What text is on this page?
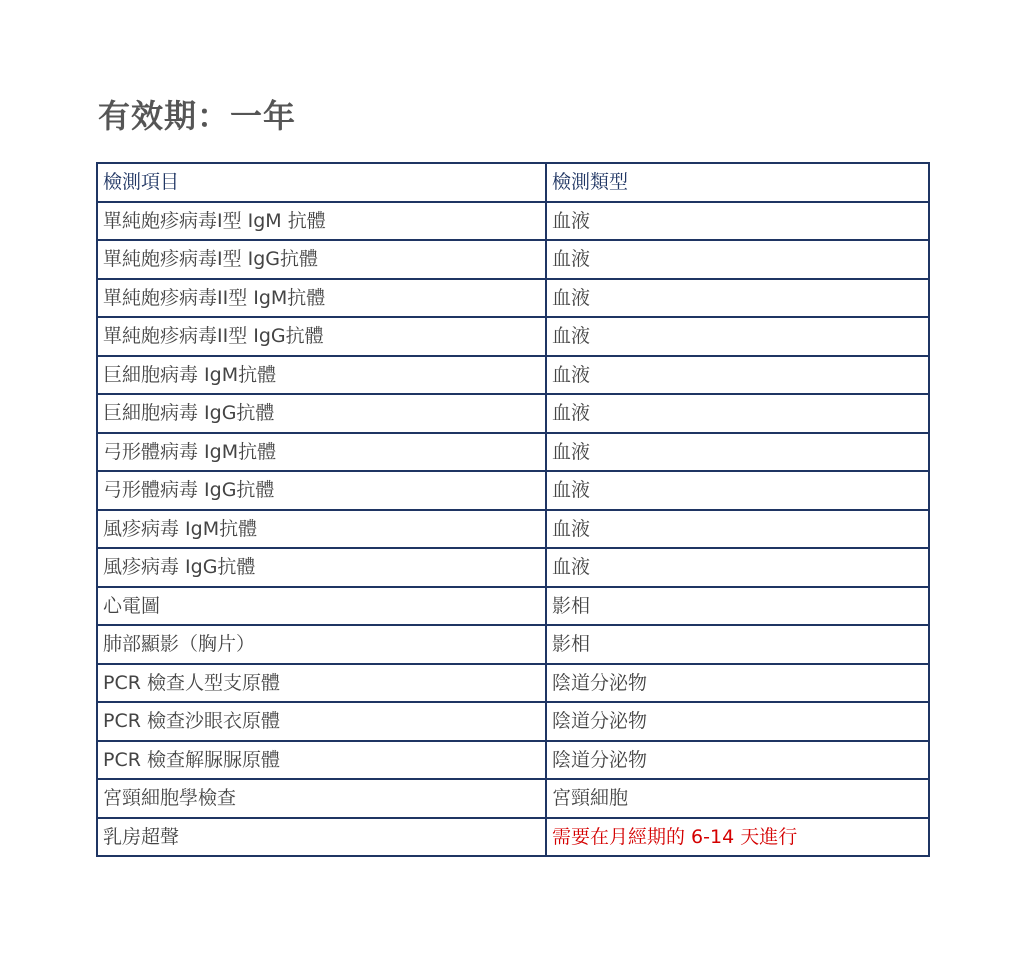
有效期：一年
檢測項目	檢測類型
單純皰疹病毒I型 IgM 抗體	血液
單純皰疹病毒I型 IgG抗體	血液
單純皰疹病毒II型 IgM抗體	血液
單純皰疹病毒II型 IgG抗體	血液
巨細胞病毒 IgM抗體	血液
巨細胞病毒 IgG抗體	血液
弓形體病毒 IgM抗體	血液
弓形體病毒 IgG抗體	血液
風疹病毒 IgM抗體	血液
風疹病毒 IgG抗體	血液
心電圖	影相
肺部顯影（胸片）	影相
PCR 檢查人型支原體	陰道分泌物
PCR 檢查沙眼衣原體	陰道分泌物
PCR 檢查解脲脲原體	陰道分泌物
宮頸細胞學檢查	宮頸細胞
乳房超聲	需要在月經期的 6-14 天進行
